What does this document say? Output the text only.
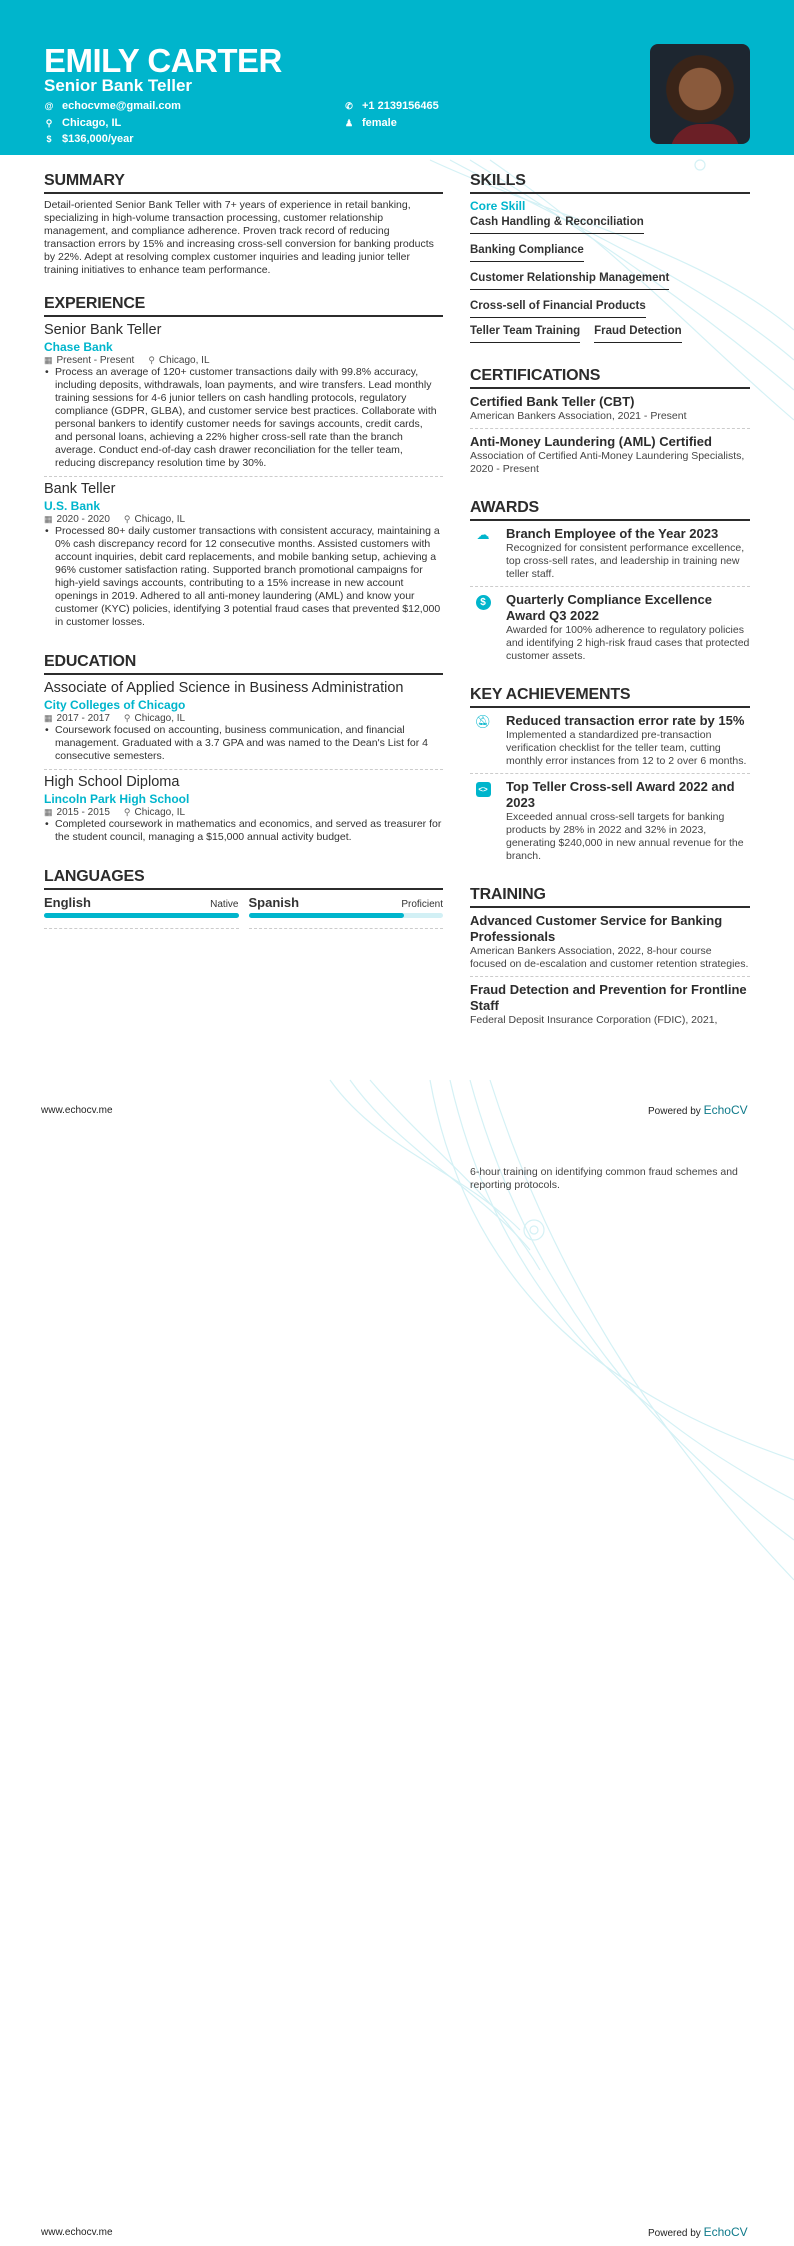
EMILY CARTER
Senior Bank Teller
@ echocvme@gmail.com
⚲ Chicago, IL
$ $136,000/year
✆ +1 2139156465
♟ female
SUMMARY

Detail-oriented Senior Bank Teller with 7+ years of experience in retail banking, specializing in high-volume transaction processing, customer relationship management, and compliance adherence. Proven track record of reducing transaction errors by 15% and increasing cross-sell conversion for banking products by 22%. Adept at resolving complex customer inquiries and leading junior teller training initiatives to enhance team performance.

EXPERIENCE
Senior Bank Teller
Chase Bank
▦ Present - Present ⚲ Chicago, IL
• Process an average of 120+ customer transactions daily with 99.8% accuracy, including deposits, withdrawals, loan payments, and wire transfers. Lead monthly training sessions for 4-6 junior tellers on cash handling protocols, regulatory compliance (GDPR, GLBA), and customer service best practices. Collaborate with personal bankers to identify customer needs for savings accounts, credit cards, and personal loans, achieving a 22% higher cross-sell rate than the branch average. Conduct end-of-day cash drawer reconciliation for the teller team, reducing discrepancy resolution time by 30%.
Bank Teller
U.S. Bank
▦ 2020 - 2020 ⚲ Chicago, IL
• Processed 80+ daily customer transactions with consistent accuracy, maintaining a 0% cash discrepancy record for 12 consecutive months. Assisted customers with account inquiries, debit card replacements, and mobile banking setup, achieving a 96% customer satisfaction rating. Supported branch promotional campaigns for high-yield savings accounts, contributing to a 15% increase in new account openings in 2019. Adhered to all anti-money laundering (AML) and know your customer (KYC) policies, identifying 3 potential fraud cases that prevented $12,000 in customer losses.
EDUCATION
Associate of Applied Science in Business Administration
City Colleges of Chicago
▦ 2017 - 2017 ⚲ Chicago, IL
• Coursework focused on accounting, business communication, and financial management. Graduated with a 3.7 GPA and was named to the Dean's List for 4 consecutive semesters.
High School Diploma
Lincoln Park High School
▦ 2015 - 2015 ⚲ Chicago, IL
• Completed coursework in mathematics and economics, and served as treasurer for the student council, managing a $15,000 annual activity budget.
LANGUAGES
English	Native Spanish	Proficient
SKILLS
Core Skill
Cash Handling & Reconciliation
Banking Compliance
Customer Relationship Management
Cross-sell of Financial Products
Teller Team Training Fraud Detection
CERTIFICATIONS
Certified Bank Teller (CBT)
American Bankers Association, 2021 - Present
Anti-Money Laundering (AML) Certified
Association of Certified Anti-Money Laundering Specialists, 2020 - Present
AWARDS
☁	Branch Employee of the Year 2023
Recognized for consistent performance excellence, top cross-sell rates, and leadership in training new teller staff.
$	Quarterly Compliance Excellence Award Q3 2022
Awarded for 100% adherence to regulatory policies and identifying 2 high-risk fraud cases that protected customer assets.
KEY ACHIEVEMENTS
🔕︎	Reduced transaction error rate by 15%
Implemented a standardized pre-transaction verification checklist for the teller team, cutting monthly error instances from 12 to 2 over 6 months.
<>	Top Teller Cross-sell Award 2022 and 2023
Exceeded annual cross-sell targets for banking products by 28% in 2022 and 32% in 2023, generating $240,000 in new annual revenue for the branch.
TRAINING
Advanced Customer Service for Banking Professionals
American Bankers Association, 2022, 8-hour course focused on de-escalation and customer retention strategies.
Fraud Detection and Prevention for Frontline Staff
Federal Deposit Insurance Corporation (FDIC), 2021,
www.echocv.me	Powered by EchoCV
6-hour training on identifying common fraud schemes and reporting protocols.
www.echocv.me	Powered by EchoCV
